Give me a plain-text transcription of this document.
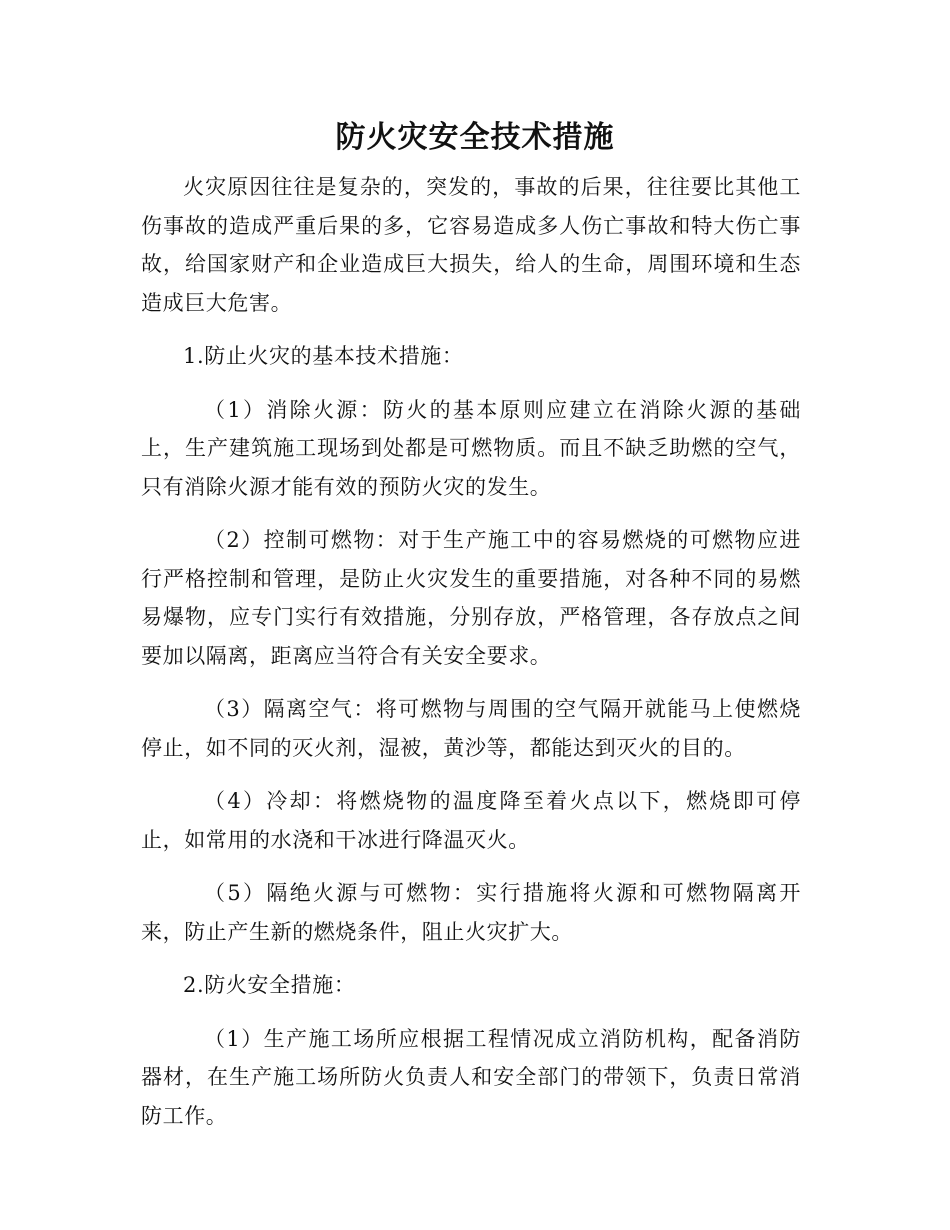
防火灾安全技术措施

火灾原因往往是复杂的，突发的，事故的后果，往往要比其他工伤事故的造成严重后果的多，它容易造成多人伤亡事故和特大伤亡事故，给国家财产和企业造成巨大损失，给人的生命，周围环境和生态造成巨大危害。

1.防止火灾的基本技术措施：

（1）消除火源：防火的基本原则应建立在消除火源的基础上，生产建筑施工现场到处都是可燃物质。而且不缺乏助燃的空气，只有消除火源才能有效的预防火灾的发生。

（2）控制可燃物：对于生产施工中的容易燃烧的可燃物应进行严格控制和管理，是防止火灾发生的重要措施，对各种不同的易燃易爆物，应专门实行有效措施，分别存放，严格管理，各存放点之间要加以隔离，距离应当符合有关安全要求。

（3）隔离空气：将可燃物与周围的空气隔开就能马上使燃烧停止，如不同的灭火剂，湿被，黄沙等，都能达到灭火的目的。

（4）冷却：将燃烧物的温度降至着火点以下，燃烧即可停止，如常用的水浇和干冰进行降温灭火。

（5）隔绝火源与可燃物：实行措施将火源和可燃物隔离开来，防止产生新的燃烧条件，阻止火灾扩大。

2.防火安全措施：

（1）生产施工场所应根据工程情况成立消防机构，配备消防器材，在生产施工场所防火负责人和安全部门的带领下，负责日常消防工作。
